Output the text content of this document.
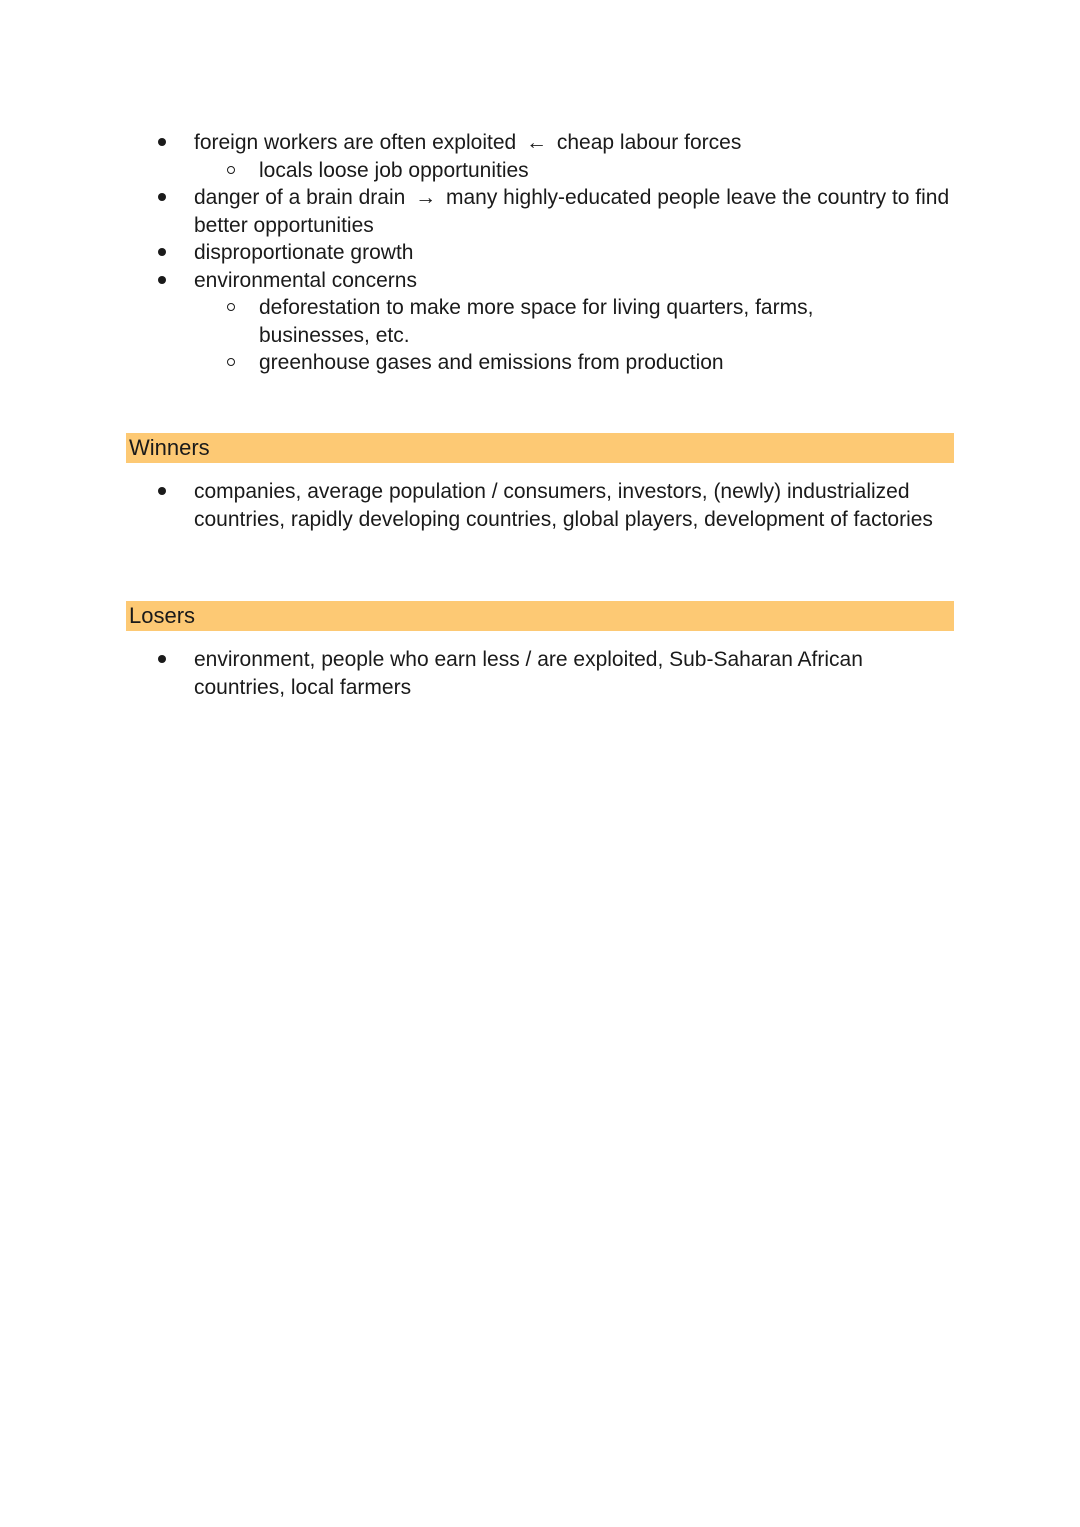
foreign workers are often exploited ← cheap labour forces
locals loose job opportunities
danger of a brain drain → many highly-educated people leave the country to find better opportunities
disproportionate growth
environmental concerns
deforestation to make more space for living quarters, farms, businesses, etc.
greenhouse gases and emissions from production
Winners
companies, average population / consumers, investors, (newly) industrialized countries, rapidly developing countries, global players, development of factories
Losers
environment, people who earn less / are exploited, Sub-Saharan African countries, local farmers
